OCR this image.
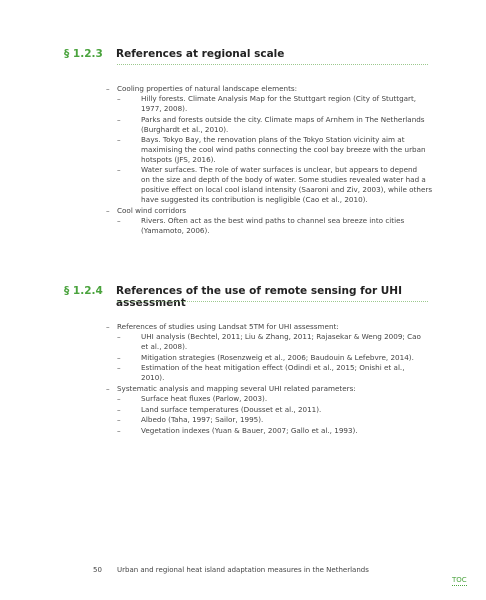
§ 1.2.3 References at regional scale
– Cooling properties of natural landscape elements:
–	Hilly forests. Climate Analysis Map for the Stuttgart region (City of Stuttgart,
1977, 2008).
–	Parks and forests outside the city. Climate maps of Arnhem in The Netherlands
(Burghardt et al., 2010).
–	Bays. Tokyo Bay, the renovation plans of the Tokyo Station vicinity aim at
maximising the cool wind paths connecting the cool bay breeze with the urban
hotspots (JFS, 2016).
–	Water surfaces. The role of water surfaces is unclear, but appears to depend
on the size and depth of the body of water. Some studies revealed water had a
positive effect on local cool island intensity (Saaroni and Ziv, 2003), while others
have suggested its contribution is negligible (Cao et al., 2010).
– Cool wind corridors
–	Rivers. Often act as the best wind paths to channel sea breeze into cities
(Yamamoto, 2006).
§ 1.2.4 References of the use of remote sensing for UHI assessment
– References of studies using Landsat 5TM for UHI assessment:
–	UHI analysis (Bechtel, 2011; Liu & Zhang, 2011; Rajasekar & Weng 2009; Cao
et al., 2008).
–	Mitigation strategies (Rosenzweig et al., 2006; Baudouin & Lefebvre, 2014).
–	Estimation of the heat mitigation effect (Odindi et al., 2015; Onishi et al.,
2010).
– Systematic analysis and mapping several UHI related parameters:
–	Surface heat fluxes (Parlow, 2003).
–	Land surface temperatures (Dousset et al., 2011).
–	Albedo (Taha, 1997; Sailor, 1995).
–	Vegetation indexes (Yuan & Bauer, 2007; Gallo et al., 1993).
50 Urban and regional heat island adaptation measures in the Netherlands
TOC
